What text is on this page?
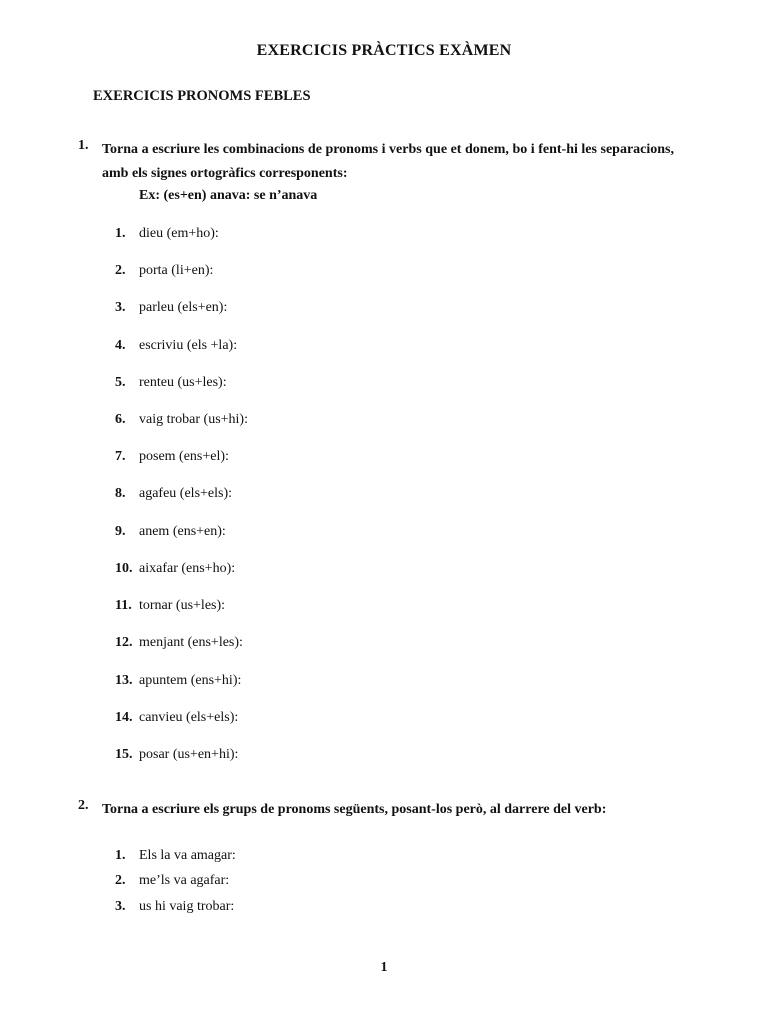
EXERCICIS PRÀCTICS EXÀMEN
EXERCICIS PRONOMS FEBLES
1. Torna a escriure les combinacions de pronoms i verbs que et donem, bo i fent-hi les separacions, amb els signes ortogràfics corresponents:
Ex: (es+en) anava: se n’anava
1. dieu (em+ho):
2. porta (li+en):
3. parleu (els+en):
4. escriviu (els +la):
5. renteu (us+les):
6. vaig trobar (us+hi):
7. posem (ens+el):
8. agafeu (els+els):
9. anem (ens+en):
10. aixafar (ens+ho):
11. tornar (us+les):
12. menjant (ens+les):
13. apuntem (ens+hi):
14. canvieu (els+els):
15. posar (us+en+hi):
2. Torna a escriure els grups de pronoms següents, posant-los però, al darrere del verb:
1. Els la va amagar:
2. me’ls va agafar:
3. us hi vaig trobar:
1
